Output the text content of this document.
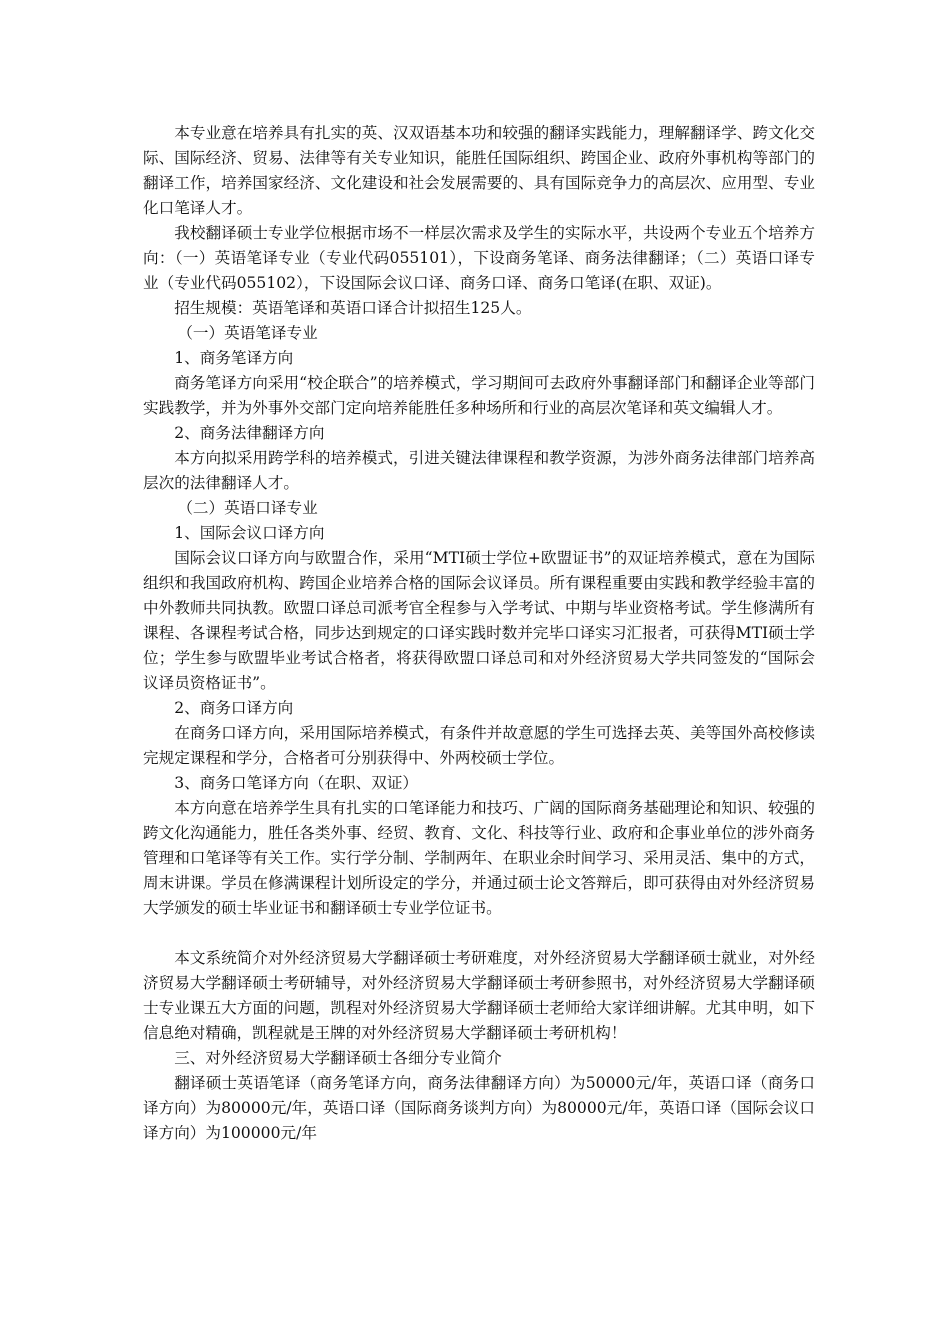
本专业意在培养具有扎实的英、汉双语基本功和较强的翻译实践能力，理解翻译学、跨文化交际、国际经济、贸易、法律等有关专业知识，能胜任国际组织、跨国企业、政府外事机构等部门的翻译工作，培养国家经济、文化建设和社会发展需要的、具有国际竞争力的高层次、应用型、专业化口笔译人才。

我校翻译硕士专业学位根据市场不一样层次需求及学生的实际水平，共设两个专业五个培养方向：（一）英语笔译专业（专业代码055101），下设商务笔译、商务法律翻译；（二）英语口译专业（专业代码055102），下设国际会议口译、商务口译、商务口笔译(在职、双证)。

招生规模：英语笔译和英语口译合计拟招生125人。

（一）英语笔译专业

1、商务笔译方向

商务笔译方向采用“校企联合”的培养模式，学习期间可去政府外事翻译部门和翻译企业等部门实践教学，并为外事外交部门定向培养能胜任多种场所和行业的高层次笔译和英文编辑人才。

2、商务法律翻译方向

本方向拟采用跨学科的培养模式，引进关键法律课程和教学资源，为涉外商务法律部门培养高层次的法律翻译人才。

（二）英语口译专业

1、国际会议口译方向

国际会议口译方向与欧盟合作，采用“MTI硕士学位+欧盟证书”的双证培养模式，意在为国际组织和我国政府机构、跨国企业培养合格的国际会议译员。所有课程重要由实践和教学经验丰富的中外教师共同执教。欧盟口译总司派考官全程参与入学考试、中期与毕业资格考试。学生修满所有课程、各课程考试合格，同步达到规定的口译实践时数并完毕口译实习汇报者，可获得MTI硕士学位；学生参与欧盟毕业考试合格者，将获得欧盟口译总司和对外经济贸易大学共同签发的“国际会议译员资格证书”。

2、商务口译方向

在商务口译方向，采用国际培养模式，有条件并故意愿的学生可选择去英、美等国外高校修读完规定课程和学分，合格者可分别获得中、外两校硕士学位。

3、商务口笔译方向（在职、双证）

本方向意在培养学生具有扎实的口笔译能力和技巧、广阔的国际商务基础理论和知识、较强的跨文化沟通能力，胜任各类外事、经贸、教育、文化、科技等行业、政府和企事业单位的涉外商务管理和口笔译等有关工作。实行学分制、学制两年、在职业余时间学习、采用灵活、集中的方式，周末讲课。学员在修满课程计划所设定的学分，并通过硕士论文答辩后，即可获得由对外经济贸易大学颁发的硕士毕业证书和翻译硕士专业学位证书。

本文系统简介对外经济贸易大学翻译硕士考研难度，对外经济贸易大学翻译硕士就业，对外经济贸易大学翻译硕士考研辅导，对外经济贸易大学翻译硕士考研参照书，对外经济贸易大学翻译硕士专业课五大方面的问题，凯程对外经济贸易大学翻译硕士老师给大家详细讲解。尤其申明，如下信息绝对精确，凯程就是王牌的对外经济贸易大学翻译硕士考研机构！

三、对外经济贸易大学翻译硕士各细分专业简介

翻译硕士英语笔译（商务笔译方向，商务法律翻译方向）为50000元/年，英语口译（商务口译方向）为80000元/年，英语口译（国际商务谈判方向）为80000元/年，英语口译（国际会议口译方向）为100000元/年
